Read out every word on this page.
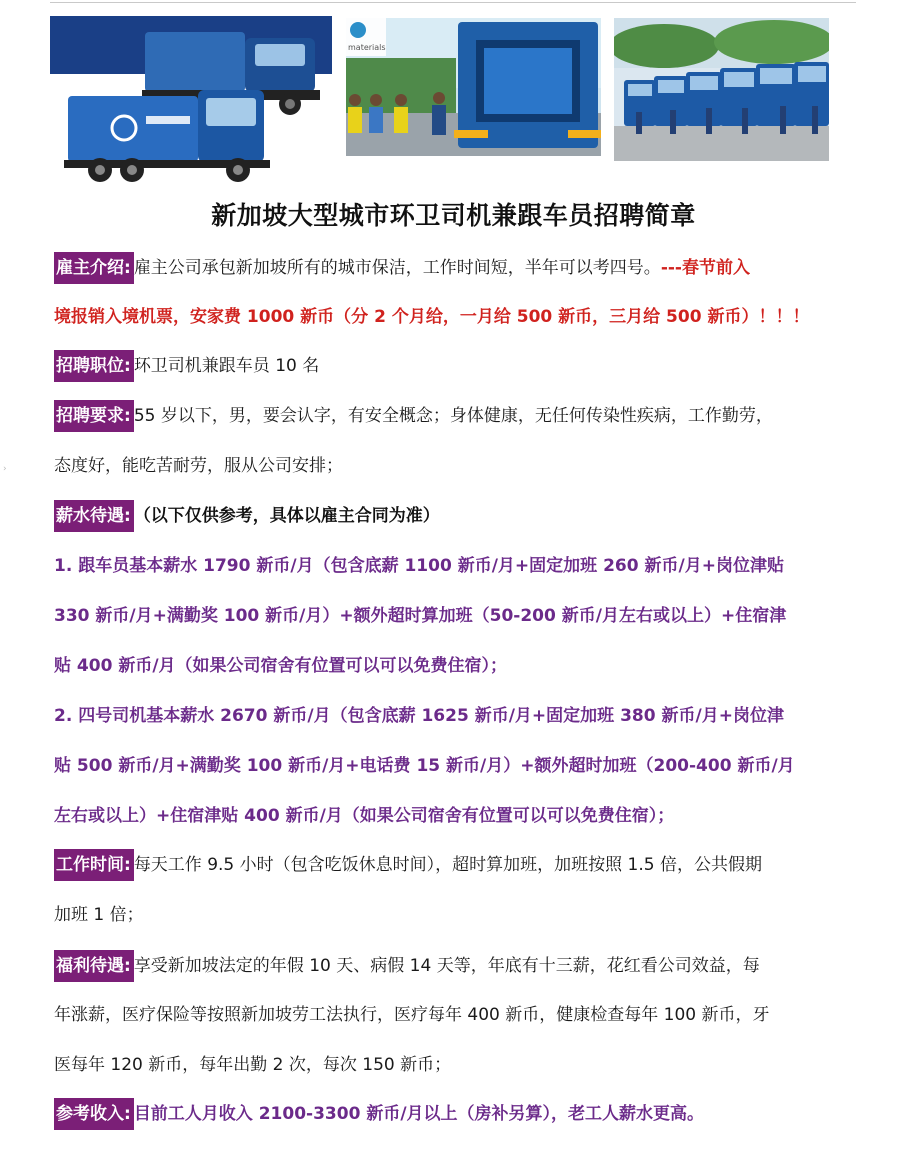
materials
新加坡大型城市环卫司机兼跟车员招聘简章
›
雇主介绍: 雇主公司承包新加坡所有的城市保洁，工作时间短，半年可以考四号。---春节前入
境报销入境机票，安家费 1000 新币（分 2 个月给，一月给 500 新币，三月给 500 新币）！！！
招聘职位: 环卫司机兼跟车员 10 名
招聘要求: 55 岁以下，男，要会认字，有安全概念；身体健康，无任何传染性疾病，工作勤劳，
态度好，能吃苦耐劳，服从公司安排；
薪水待遇: （以下仅供参考，具体以雇主合同为准）
1. 跟车员基本薪水 1790 新币/月（包含底薪 1100 新币/月+固定加班 260 新币/月+岗位津贴
330 新币/月+满勤奖 100 新币/月）+额外超时算加班（50-200 新币/月左右或以上）+住宿津
贴 400 新币/月（如果公司宿舍有位置可以可以免费住宿）；
2. 四号司机基本薪水 2670 新币/月（包含底薪 1625 新币/月+固定加班 380 新币/月+岗位津
贴 500 新币/月+满勤奖 100 新币/月+电话费 15 新币/月）+额外超时加班（200-400 新币/月
左右或以上）+住宿津贴 400 新币/月（如果公司宿舍有位置可以可以免费住宿）；
工作时间: 每天工作 9.5 小时（包含吃饭休息时间），超时算加班，加班按照 1.5 倍，公共假期
加班 1 倍；
福利待遇: 享受新加坡法定的年假 10 天、病假 14 天等，年底有十三薪，花红看公司效益，每
年涨薪，医疗保险等按照新加坡劳工法执行，医疗每年 400 新币，健康检查每年 100 新币，牙
医每年 120 新币，每年出勤 2 次，每次 150 新币；
参考收入: 目前工人月收入 2100-3300 新币/月以上（房补另算），老工人薪水更高。
